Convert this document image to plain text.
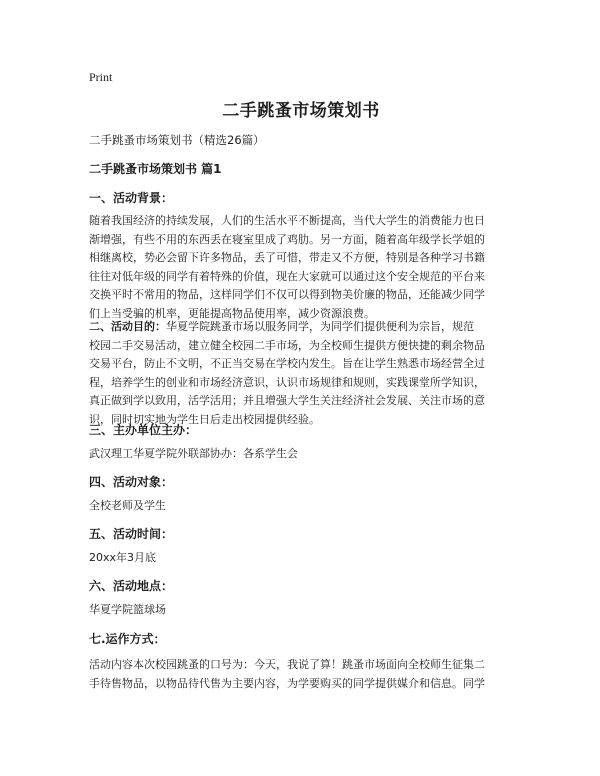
Print
二手跳蚤市场策划书

二手跳蚤市场策划书（精选26篇）

二手跳蚤市场策划书 篇1

一、活动背景：

随着我国经济的持续发展，人们的生活水平不断提高，当代大学生的消费能力也日
渐增强，有些不用的东西丢在寝室里成了鸡肋。另一方面，随着高年级学长学姐的
相继离校，势必会留下许多物品，丢了可惜，带走又不方便，特别是各种学习书籍
往往对低年级的同学有着特殊的价值，现在大家就可以通过这个安全规范的平台来
交换平时不常用的物品，这样同学们不仅可以得到物美价廉的物品，还能减少同学
们上当受骗的机率，更能提高物品使用率，减少资源浪费。
二、活动目的：华夏学院跳蚤市场以服务同学，为同学们提供便利为宗旨，规范
校园二手交易活动，建立健全校园二手市场，为全校师生提供方便快捷的剩余物品
交易平台，防止不文明，不正当交易在学校内发生。旨在让学生熟悉市场经营全过
程，培养学生的创业和市场经济意识，认识市场规律和规则，实践课堂所学知识，
真正做到学以致用，活学活用；并且增强大学生关注经济社会发展、关注市场的意
识，同时切实地为学生日后走出校园提供经验。

三、主办单位主办：

武汉理工华夏学院外联部协办：各系学生会

四、活动对象：

全校老师及学生

五、活动时间：

20xx年3月底

六、活动地点：

华夏学院篮球场

七.运作方式：

活动内容本次校园跳蚤的口号为：今天，我说了算！跳蚤市场面向全校师生征集二
手待售物品，以物品待代售为主要内容，为学要购买的同学提供媒介和信息。同学
